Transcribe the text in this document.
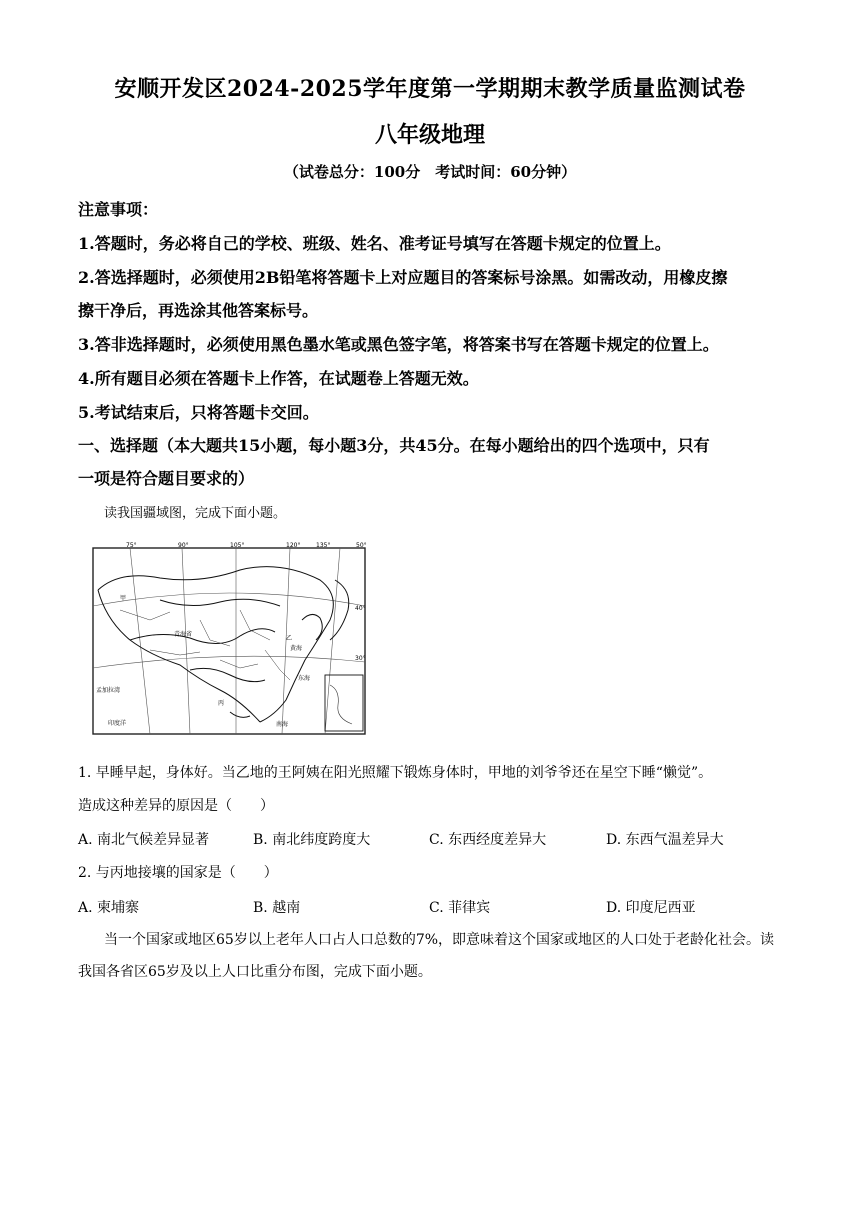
安顺开发区2024-2025学年度第一学期期末教学质量监测试卷
八年级地理
（试卷总分：100分　考试时间：60分钟）
注意事项：
1.答题时，务必将自己的学校、班级、姓名、准考证号填写在答题卡规定的位置上。
2.答选择题时，必须使用2B铅笔将答题卡上对应题目的答案标号涂黑。如需改动，用橡皮擦
擦干净后，再选涂其他答案标号。
3.答非选择题时，必须使用黑色墨水笔或黑色签字笔，将答案书写在答题卡规定的位置上。
4.所有题目必须在答题卡上作答，在试题卷上答题无效。
5.考试结束后，只将答题卡交回。
一、选择题（本大题共15小题，每小题3分，共45分。在每小题给出的四个选项中，只有
一项是符合题目要求的）
读我国疆域图，完成下面小题。
75°	90°	105°	120°	135°	50°
40°
30°
甲
青海省
黄海
东海
南海
孟加拉湾
印度洋
乙
丙
1. 早睡早起，身体好。当乙地的王阿姨在阳光照耀下锻炼身体时，甲地的刘爷爷还在星空下睡“懒觉”。
造成这种差异的原因是（　　）
A. 南北气候差异显著	B. 南北纬度跨度大	C. 东西经度差异大	D. 东西气温差异大
2. 与丙地接壤的国家是（　　）
A. 柬埔寨	B. 越南	C. 菲律宾	D. 印度尼西亚
当一个国家或地区65岁以上老年人口占人口总数的7%，即意味着这个国家或地区的人口处于老龄化社会。读我国各省区65岁及以上人口比重分布图，完成下面小题。
